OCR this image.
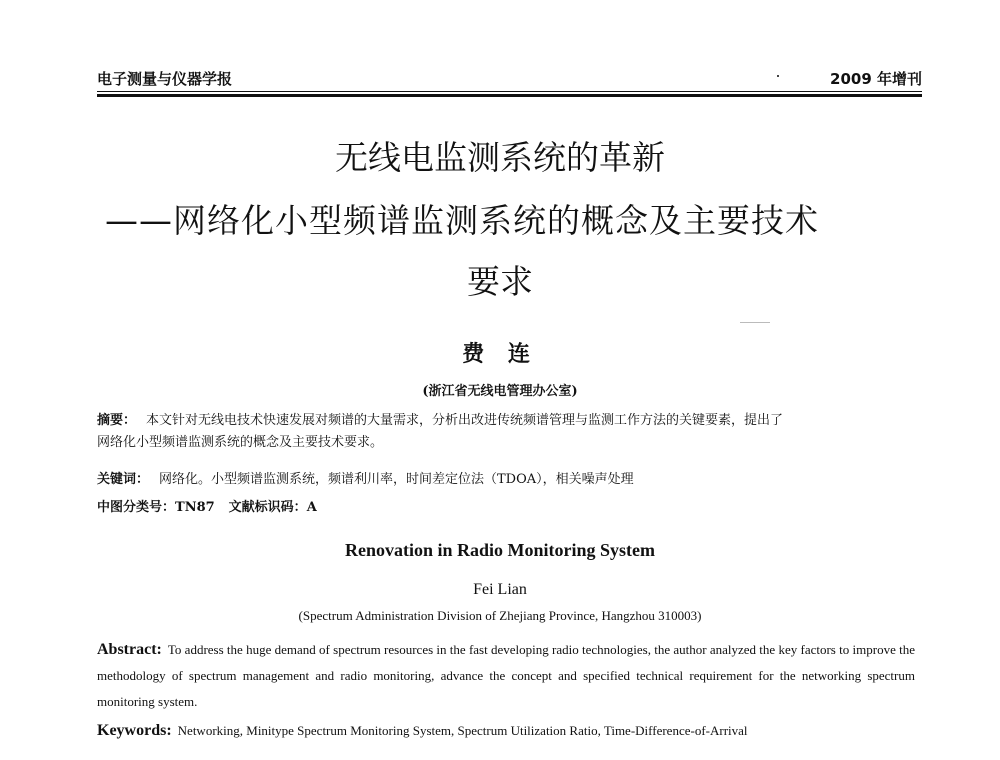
电子测量与仪器学报	2009 年增刊
无线电监测系统的革新
——网络化小型频谱监测系统的概念及主要技术
要求
费 连
(浙江省无线电管理办公室)
摘要： 本文针对无线电技术快速发展对频谱的大量需求，分析出改进传统频谱管理与监测工作方法的关键要素，提出了
网络化小型频谱监测系统的概念及主要技术要求。
关键词： 网络化。小型频谱监测系统，频谱利川率，时间差定位法（TDOA），相关噪声处理
中图分类号：TN87 文献标识码：A
Renovation in Radio Monitoring System
Fei Lian
(Spectrum Administration Division of Zhejiang Province, Hangzhou 310003)
Abstract: To address the huge demand of spectrum resources in the fast developing radio technologies, the author analyzed the key factors to improve the methodology of spectrum management and radio monitoring, advance the concept and specified technical requirement for the networking spectrum monitoring system.
Keywords: Networking, Minitype Spectrum Monitoring System, Spectrum Utilization Ratio, Time-Difference-of-Arrival
